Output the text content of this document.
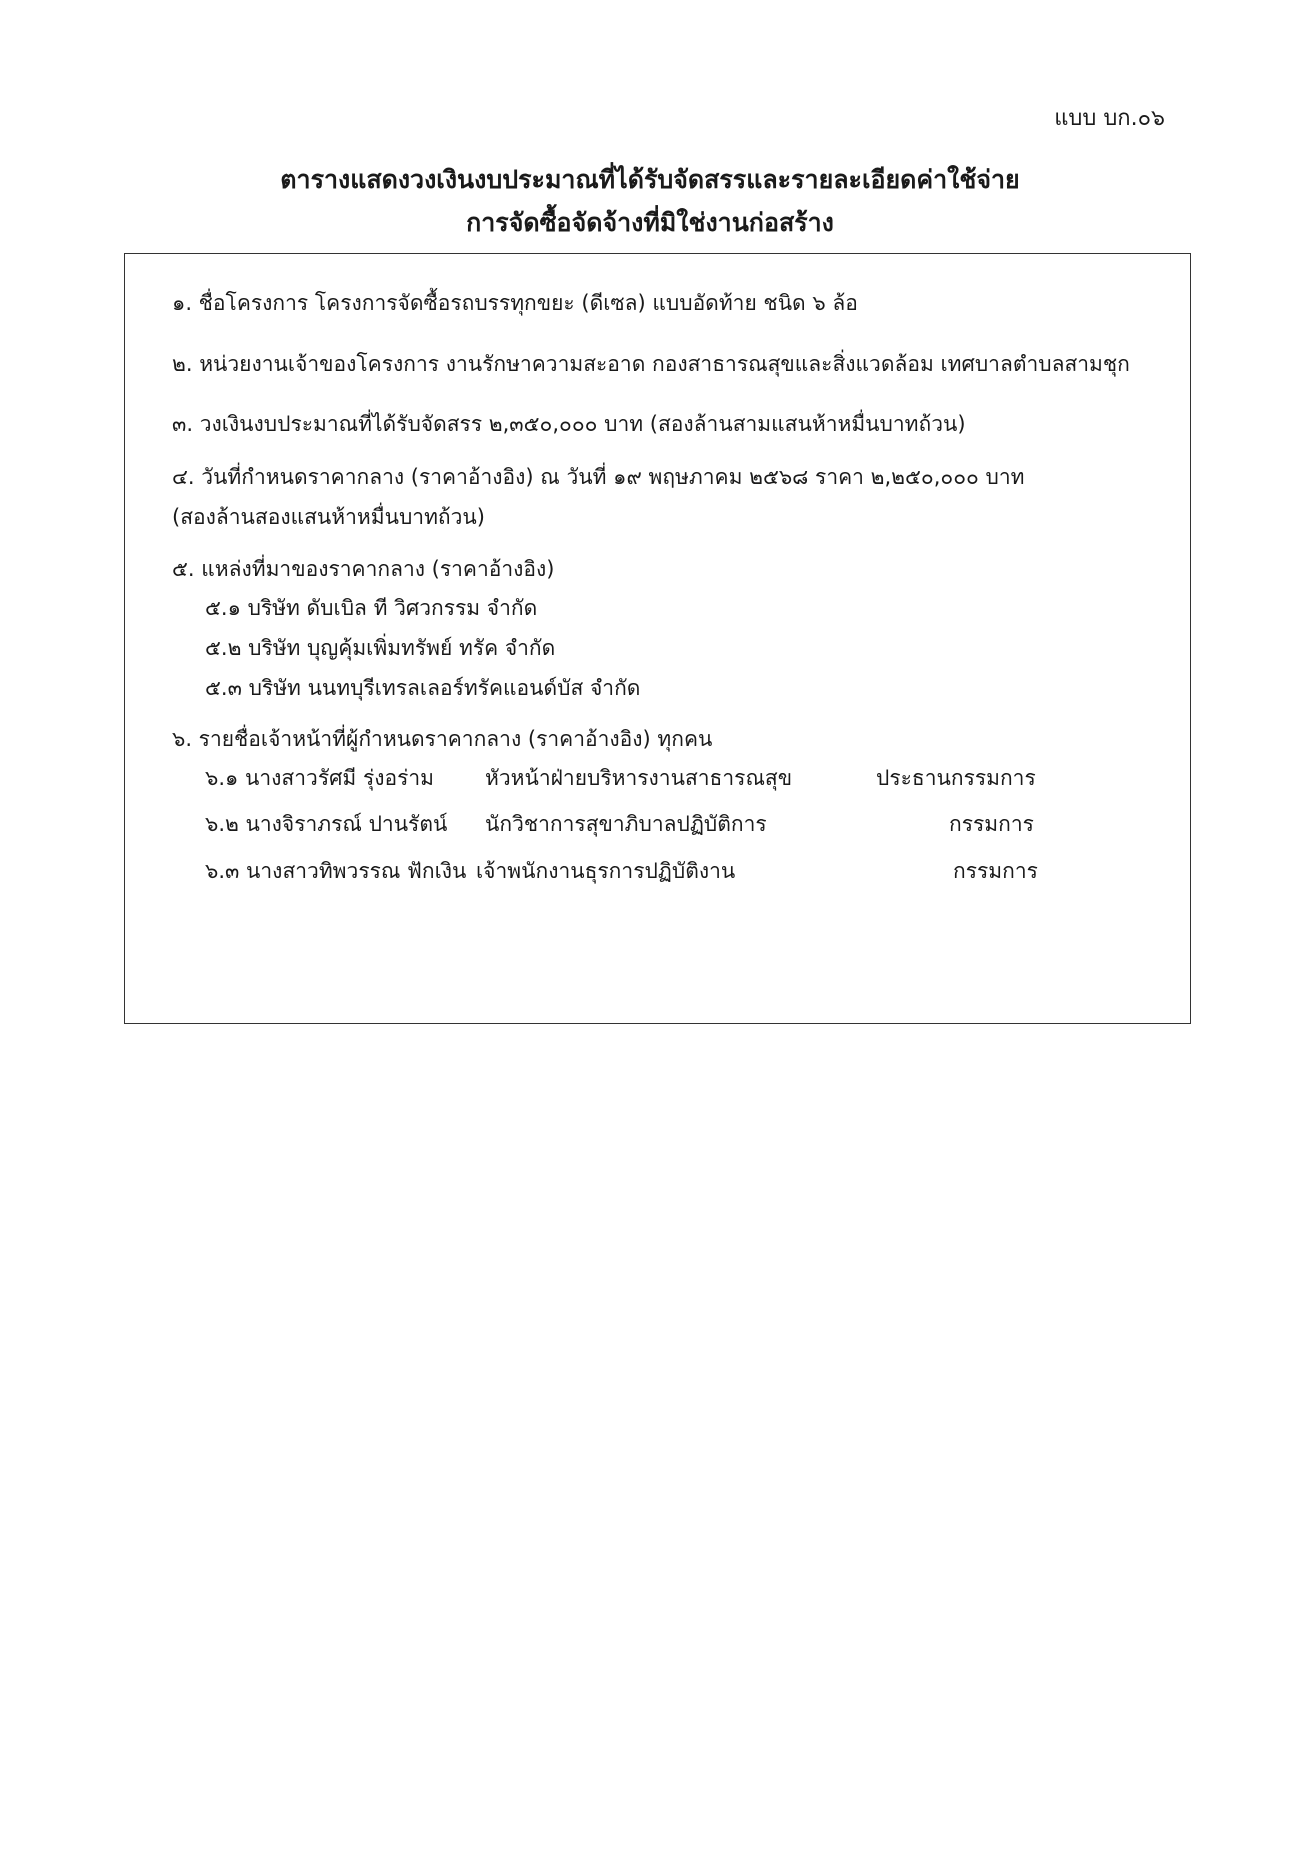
แบบ บก.๐๖
ตารางแสดงวงเงินงบประมาณที่ได้รับจัดสรรและรายละเอียดค่าใช้จ่าย
การจัดซื้อจัดจ้างที่มิใช่งานก่อสร้าง
๑. ชื่อโครงการ โครงการจัดซื้อรถบรรทุกขยะ (ดีเซล) แบบอัดท้าย ชนิด ๖ ล้อ
๒. หน่วยงานเจ้าของโครงการ งานรักษาความสะอาด กองสาธารณสุขและสิ่งแวดล้อม เทศบาลตำบลสามชุก
๓. วงเงินงบประมาณที่ได้รับจัดสรร ๒,๓๕๐,๐๐๐ บาท (สองล้านสามแสนห้าหมื่นบาทถ้วน)
๔. วันที่กำหนดราคากลาง (ราคาอ้างอิง) ณ วันที่ ๑๙ พฤษภาคม ๒๕๖๘ ราคา ๒,๒๕๐,๐๐๐ บาท
(สองล้านสองแสนห้าหมื่นบาทถ้วน)
๕. แหล่งที่มาของราคากลาง (ราคาอ้างอิง)
๕.๑ บริษัท ดับเบิล ที วิศวกรรม จำกัด
๕.๒ บริษัท บุญคุ้มเพิ่มทรัพย์ ทรัค จำกัด
๕.๓ บริษัท นนทบุรีเทรลเลอร์ทรัคแอนด์บัส จำกัด
๖. รายชื่อเจ้าหน้าที่ผู้กำหนดราคากลาง (ราคาอ้างอิง) ทุกคน
๖.๑ นางสาวรัศมี รุ่งอร่าม หัวหน้าฝ่ายบริหารงานสาธารณสุข	ประธานกรรมการ
๖.๒ นางจิราภรณ์ ปานรัตน์ นักวิชาการสุขาภิบาลปฏิบัติการ	กรรมการ
๖.๓ นางสาวทิพวรรณ ฟักเงิน เจ้าพนักงานธุรการปฏิบัติงาน	กรรมการ
